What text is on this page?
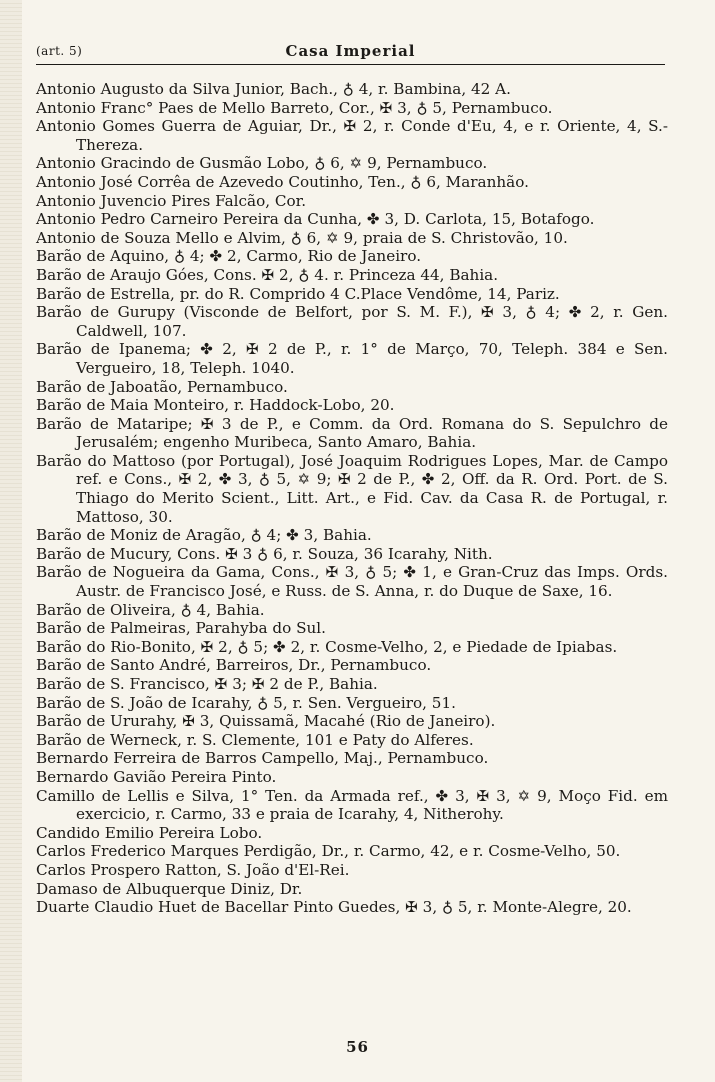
(art. 5)	Casa Imperial
Antonio Augusto da Silva Junior, Bach., ♁ 4, r. Bambina, 42 A.
Antonio Franc° Paes de Mello Barreto, Cor., ✠ 3, ♁ 5, Pernambuco.
Antonio Gomes Guerra de Aguiar, Dr., ✠ 2, r. Conde d'Eu, 4, e r. Oriente, 4, S.-Thereza.
Antonio Gracindo de Gusmão Lobo, ♁ 6, ✡ 9, Pernambuco.
Antonio José Corrêa de Azevedo Coutinho, Ten., ♁ 6, Maranhão.
Antonio Juvencio Pires Falcão, Cor.
Antonio Pedro Carneiro Pereira da Cunha, ✤ 3, D. Carlota, 15, Botafogo.
Antonio de Souza Mello e Alvim, ♁ 6, ✡ 9, praia de S. Christovão, 10.
Barão de Aquino, ♁ 4; ✤ 2, Carmo, Rio de Janeiro.
Barão de Araujo Góes, Cons. ✠ 2, ♁ 4. r. Princeza 44, Bahia.
Barão de Estrella, pr. do R. Comprido 4 C.Place Vendôme, 14, Pariz.
Barão de Gurupy (Visconde de Belfort, por S. M. F.), ✠ 3, ♁ 4; ✤ 2, r. Gen. Caldwell, 107.
Barão de Ipanema; ✤ 2, ✠ 2 de P., r. 1° de Março, 70, Teleph. 384 e Sen. Vergueiro, 18, Teleph. 1040.
Barão de Jaboatão, Pernambuco.
Barão de Maia Monteiro, r. Haddock-Lobo, 20.
Barão de Mataripe; ✠ 3 de P., e Comm. da Ord. Romana do S. Sepulchro de Jerusalém; engenho Muribeca, Santo Amaro, Bahia.
Barão do Mattoso (por Portugal), José Joaquim Rodrigues Lopes, Mar. de Campo ref. e Cons., ✠ 2, ✤ 3, ♁ 5, ✡ 9; ✠ 2 de P., ✤ 2, Off. da R. Ord. Port. de S. Thiago do Merito Scient., Litt. Art., e Fid. Cav. da Casa R. de Portugal, r. Mattoso, 30.
Barão de Moniz de Aragão, ♁ 4; ✤ 3, Bahia.
Barão de Mucury, Cons. ✠ 3 ♁ 6, r. Souza, 36 Icarahy, Nith.
Barão de Nogueira da Gama, Cons., ✠ 3, ♁ 5; ✤ 1, e Gran-Cruz das Imps. Ords. Austr. de Francisco José, e Russ. de S. Anna, r. do Duque de Saxe, 16.
Barão de Oliveira, ♁ 4, Bahia.
Barão de Palmeiras, Parahyba do Sul.
Barão do Rio-Bonito, ✠ 2, ♁ 5; ✤ 2, r. Cosme-Velho, 2, e Piedade de Ipiabas.
Barão de Santo André, Barreiros, Dr., Pernambuco.
Barão de S. Francisco, ✠ 3; ✠ 2 de P., Bahia.
Barão de S. João de Icarahy, ♁ 5, r. Sen. Vergueiro, 51.
Barão de Ururahy, ✠ 3, Quissamã, Macahé (Rio de Janeiro).
Barão de Werneck, r. S. Clemente, 101 e Paty do Alferes.
Bernardo Ferreira de Barros Campello, Maj., Pernambuco.
Bernardo Gavião Pereira Pinto.
Camillo de Lellis e Silva, 1° Ten. da Armada ref., ✤ 3, ✠ 3, ✡ 9, Moço Fid. em exercicio, r. Carmo, 33 e praia de Icarahy, 4, Nitherohy.
Candido Emilio Pereira Lobo.
Carlos Frederico Marques Perdigão, Dr., r. Carmo, 42, e r. Cosme-Velho, 50.
Carlos Prospero Ratton, S. João d'El-Rei.
Damaso de Albuquerque Diniz, Dr.
Duarte Claudio Huet de Bacellar Pinto Guedes, ✠ 3, ♁ 5, r. Monte-Alegre, 20.
56
